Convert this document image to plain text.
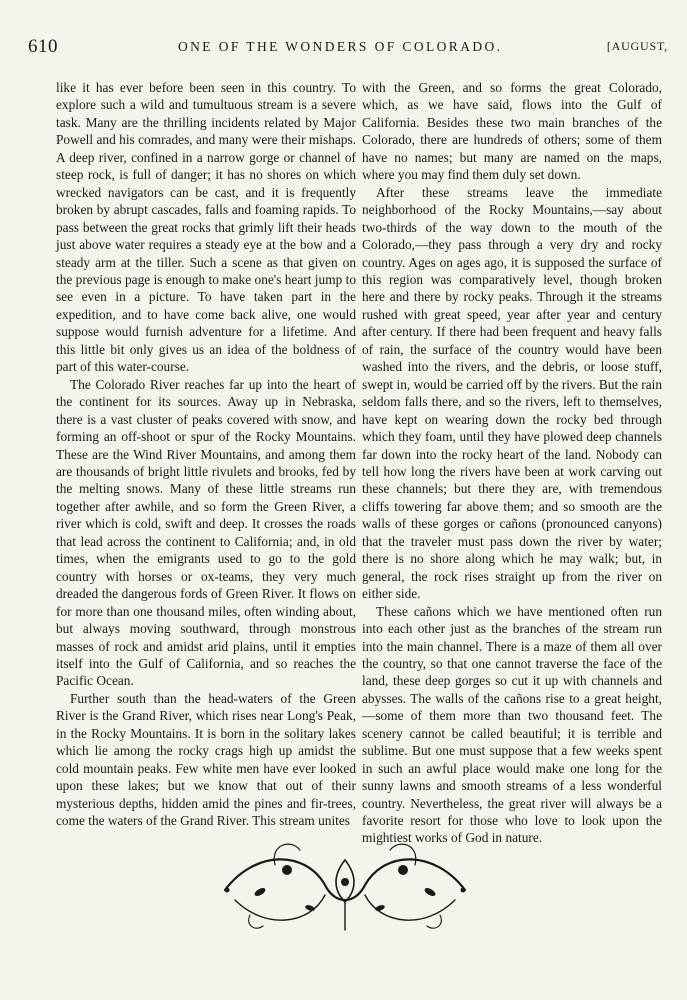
610	ONE OF THE WONDERS OF COLORADO.	[AUGUST,

like it has ever before been seen in this country. To explore such a wild and tumultuous stream is a severe task. Many are the thrilling incidents related by Major Powell and his comrades, and many were their mishaps. A deep river, confined in a narrow gorge or channel of steep rock, is full of danger; it has no shores on which wrecked navigators can be cast, and it is frequently broken by abrupt cascades, falls and foaming rapids. To pass between the great rocks that grimly lift their heads just above water requires a steady eye at the bow and a steady arm at the tiller. Such a scene as that given on the previous page is enough to make one's heart jump to see even in a picture. To have taken part in the expedition, and to have come back alive, one would suppose would furnish adventure for a lifetime. And this little bit only gives us an idea of the boldness of part of this water-course.

The Colorado River reaches far up into the heart of the continent for its sources. Away up in Nebraska, there is a vast cluster of peaks covered with snow, and forming an off-shoot or spur of the Rocky Mountains. These are the Wind River Mountains, and among them are thousands of bright little rivulets and brooks, fed by the melting snows. Many of these little streams run together after awhile, and so form the Green River, a river which is cold, swift and deep. It crosses the roads that lead across the continent to California; and, in old times, when the emigrants used to go to the gold country with horses or ox-teams, they very much dreaded the dangerous fords of Green River. It flows on for more than one thousand miles, often winding about, but always moving southward, through monstrous masses of rock and amidst arid plains, until it empties itself into the Gulf of California, and so reaches the Pacific Ocean.

Further south than the head-waters of the Green River is the Grand River, which rises near Long's Peak, in the Rocky Mountains. It is born in the solitary lakes which lie among the rocky crags high up amidst the cold mountain peaks. Few white men have ever looked upon these lakes; but we know that out of their mysterious depths, hidden amid the pines and fir-trees, come the waters of the Grand River. This stream unites

with the Green, and so forms the great Colorado, which, as we have said, flows into the Gulf of California. Besides these two main branches of the Colorado, there are hundreds of others; some of them have no names; but many are named on the maps, where you may find them duly set down.

After these streams leave the immediate neighborhood of the Rocky Mountains,—say about two-thirds of the way down to the mouth of the Colorado,—they pass through a very dry and rocky country. Ages on ages ago, it is supposed the surface of this region was comparatively level, though broken here and there by rocky peaks. Through it the streams rushed with great speed, year after year and century after century. If there had been frequent and heavy falls of rain, the surface of the country would have been washed into the rivers, and the debris, or loose stuff, swept in, would be carried off by the rivers. But the rain seldom falls there, and so the rivers, left to themselves, have kept on wearing down the rocky bed through which they foam, until they have plowed deep channels far down into the rocky heart of the land. Nobody can tell how long the rivers have been at work carving out these channels; but there they are, with tremendous cliffs towering far above them; and so smooth are the walls of these gorges or cañons (pronounced canyons) that the traveler must pass down the river by water; there is no shore along which he may walk; but, in general, the rock rises straight up from the river on either side.

These cañons which we have mentioned often run into each other just as the branches of the stream run into the main channel. There is a maze of them all over the country, so that one cannot traverse the face of the land, these deep gorges so cut it up with channels and abysses. The walls of the cañons rise to a great height,—some of them more than two thousand feet. The scenery cannot be called beautiful; it is terrible and sublime. But one must suppose that a few weeks spent in such an awful place would make one long for the sunny lawns and smooth streams of a less wonderful country. Nevertheless, the great river will always be a favorite resort for those who love to look upon the mightiest works of God in nature.
